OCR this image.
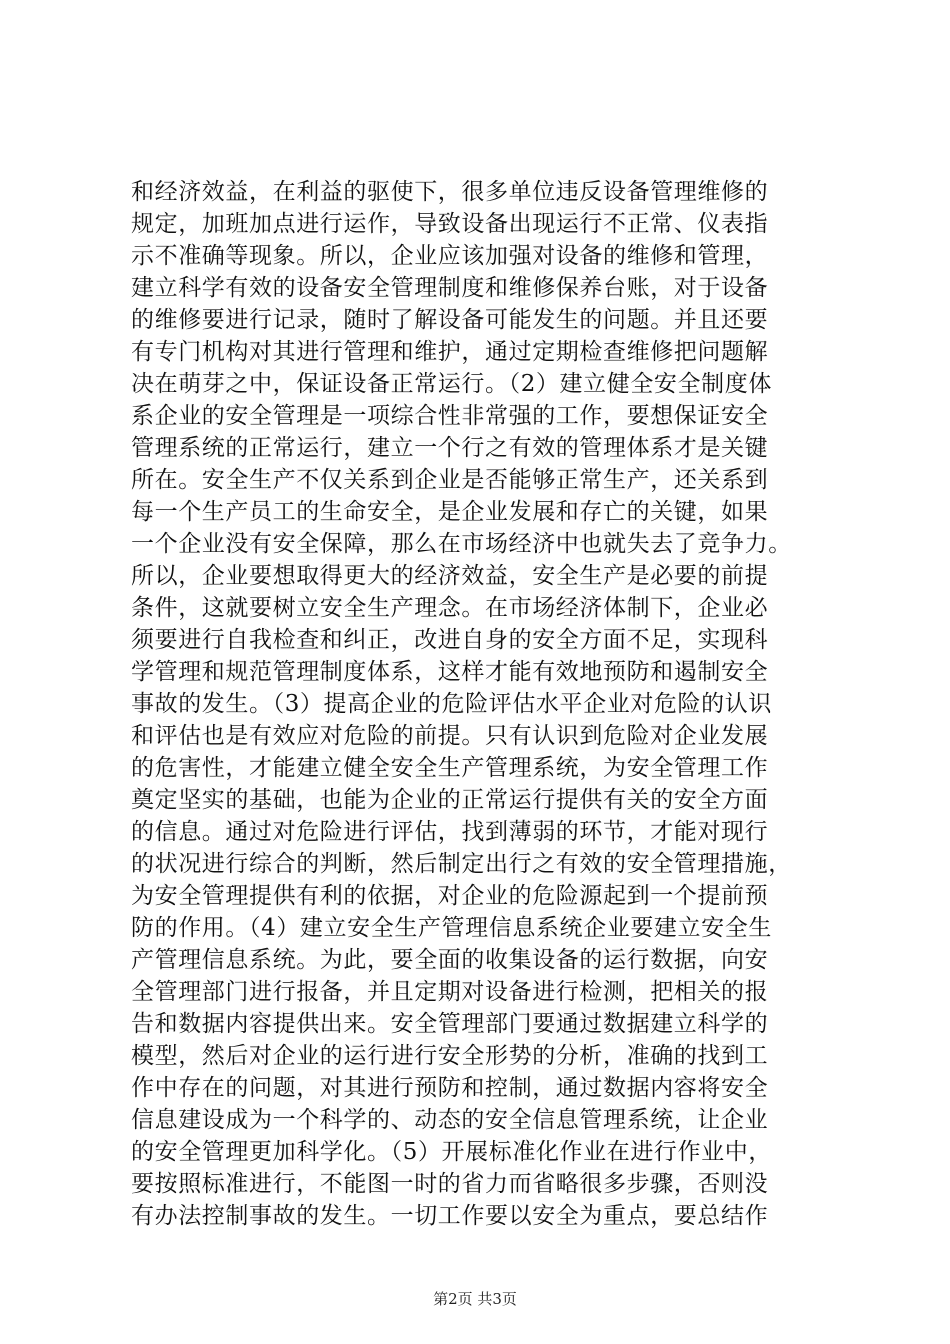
和经济效益，在利益的驱使下，很多单位违反设备管理维修的
规定，加班加点进行运作，导致设备出现运行不正常、仪表指
示不准确等现象。所以，企业应该加强对设备的维修和管理，
建立科学有效的设备安全管理制度和维修保养台账，对于设备
的维修要进行记录，随时了解设备可能发生的问题。并且还要
有专门机构对其进行管理和维护，通过定期检查维修把问题解
决在萌芽之中，保证设备正常运行。（2）建立健全安全制度体
系企业的安全管理是一项综合性非常强的工作，要想保证安全
管理系统的正常运行，建立一个行之有效的管理体系才是关键
所在。安全生产不仅关系到企业是否能够正常生产，还关系到
每一个生产员工的生命安全，是企业发展和存亡的关键，如果
一个企业没有安全保障，那么在市场经济中也就失去了竞争力。
所以，企业要想取得更大的经济效益，安全生产是必要的前提
条件，这就要树立安全生产理念。在市场经济体制下，企业必
须要进行自我检查和纠正，改进自身的安全方面不足，实现科
学管理和规范管理制度体系，这样才能有效地预防和遏制安全
事故的发生。（3）提高企业的危险评估水平企业对危险的认识
和评估也是有效应对危险的前提。只有认识到危险对企业发展
的危害性，才能建立健全安全生产管理系统，为安全管理工作
奠定坚实的基础，也能为企业的正常运行提供有关的安全方面
的信息。通过对危险进行评估，找到薄弱的环节，才能对现行
的状况进行综合的判断，然后制定出行之有效的安全管理措施，
为安全管理提供有利的依据，对企业的危险源起到一个提前预
防的作用。（4）建立安全生产管理信息系统企业要建立安全生
产管理信息系统。为此，要全面的收集设备的运行数据，向安
全管理部门进行报备，并且定期对设备进行检测，把相关的报
告和数据内容提供出来。安全管理部门要通过数据建立科学的
模型，然后对企业的运行进行安全形势的分析，准确的找到工
作中存在的问题，对其进行预防和控制，通过数据内容将安全
信息建设成为一个科学的、动态的安全信息管理系统，让企业
的安全管理更加科学化。（5）开展标准化作业在进行作业中，
要按照标准进行，不能图一时的省力而省略很多步骤，否则没
有办法控制事故的发生。一切工作要以安全为重点，要总结作
第2页 共3页
